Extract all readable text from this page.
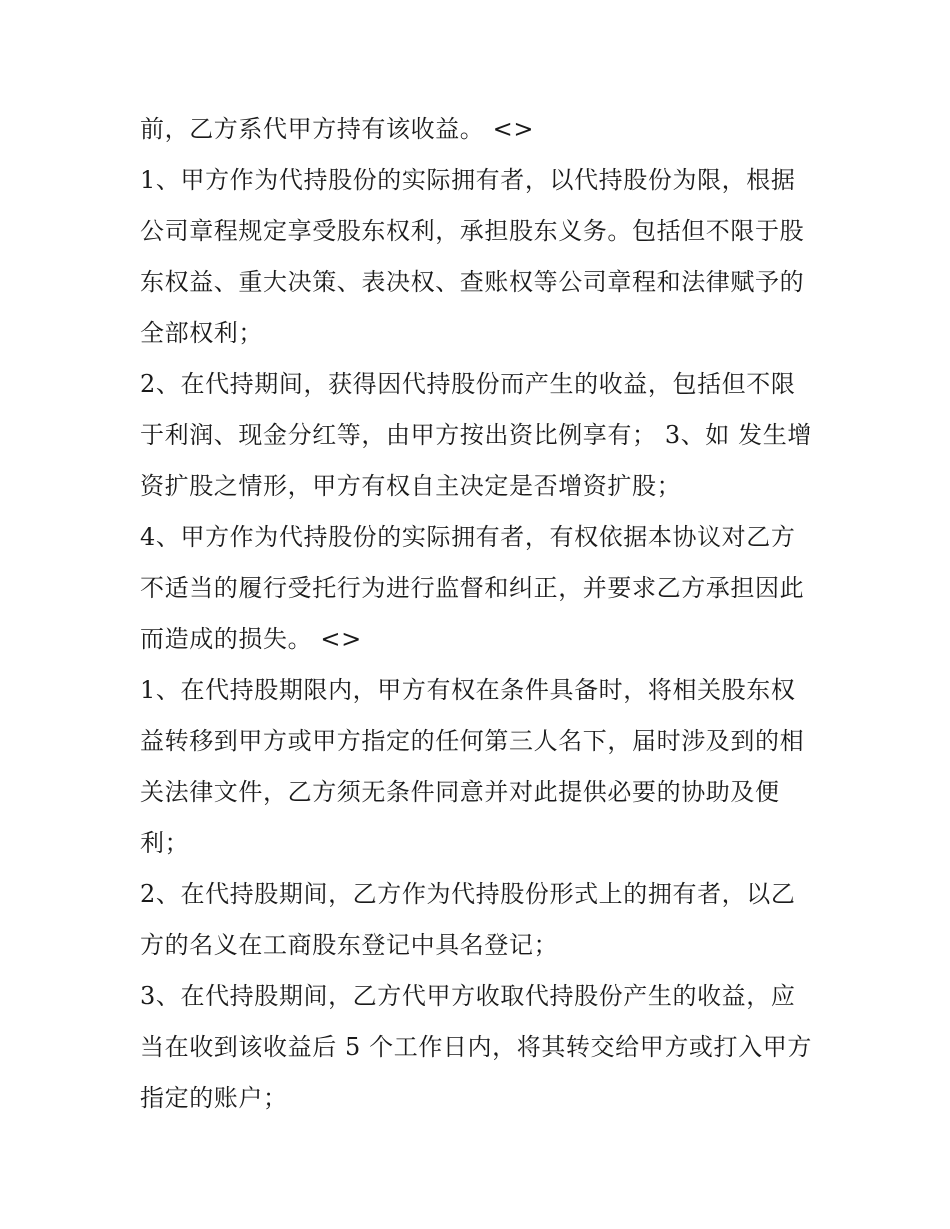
前，乙方系代甲方持有该收益。 <>
1、甲方作为代持股份的实际拥有者，以代持股份为限，根据
公司章程规定享受股东权利，承担股东义务。包括但不限于股
东权益、重大决策、表决权、查账权等公司章程和法律赋予的
全部权利；
2、在代持期间，获得因代持股份而产生的收益，包括但不限
于利润、现金分红等，由甲方按出资比例享有； 3、如 发生增
资扩股之情形，甲方有权自主决定是否增资扩股；
4、甲方作为代持股份的实际拥有者，有权依据本协议对乙方
不适当的履行受托行为进行监督和纠正，并要求乙方承担因此
而造成的损失。 <>
1、在代持股期限内，甲方有权在条件具备时，将相关股东权
益转移到甲方或甲方指定的任何第三人名下，届时涉及到的相
关法律文件，乙方须无条件同意并对此提供必要的协助及便
利；
2、在代持股期间，乙方作为代持股份形式上的拥有者，以乙
方的名义在工商股东登记中具名登记；
3、在代持股期间，乙方代甲方收取代持股份产生的收益，应
当在收到该收益后 5 个工作日内，将其转交给甲方或打入甲方
指定的账户；
